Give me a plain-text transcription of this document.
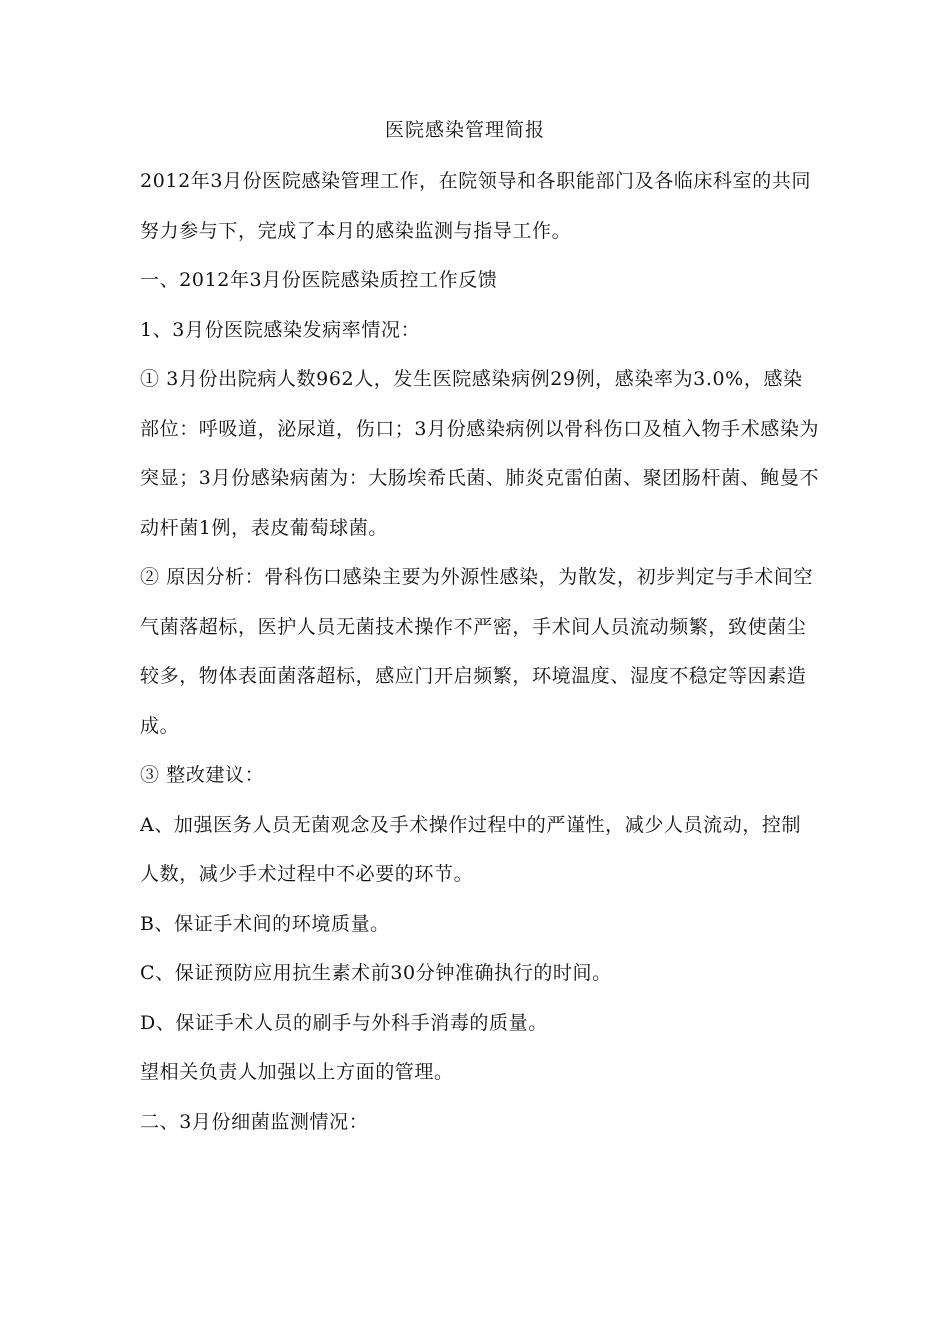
医院感染管理简报

2012年3月份医院感染管理工作，在院领导和各职能部门及各临床科室的共同努力参与下，完成了本月的感染监测与指导工作。

一、2012年3月份医院感染质控工作反馈

1、3月份医院感染发病率情况：

① 3月份出院病人数962人，发生医院感染病例29例，感染率为3.0%，感染部位：呼吸道，泌尿道，伤口；3月份感染病例以骨科伤口及植入物手术感染为突显；3月份感染病菌为：大肠埃希氏菌、肺炎克雷伯菌、聚团肠杆菌、鲍曼不动杆菌1例，表皮葡萄球菌。

② 原因分析：骨科伤口感染主要为外源性感染，为散发，初步判定与手术间空气菌落超标，医护人员无菌技术操作不严密，手术间人员流动频繁，致使菌尘较多，物体表面菌落超标，感应门开启频繁，环境温度、湿度不稳定等因素造成。

③ 整改建议：

A、加强医务人员无菌观念及手术操作过程中的严谨性，减少人员流动，控制人数，减少手术过程中不必要的环节。

B、保证手术间的环境质量。

C、保证预防应用抗生素术前30分钟准确执行的时间。

D、保证手术人员的刷手与外科手消毒的质量。

望相关负责人加强以上方面的管理。

二、3月份细菌监测情况：
